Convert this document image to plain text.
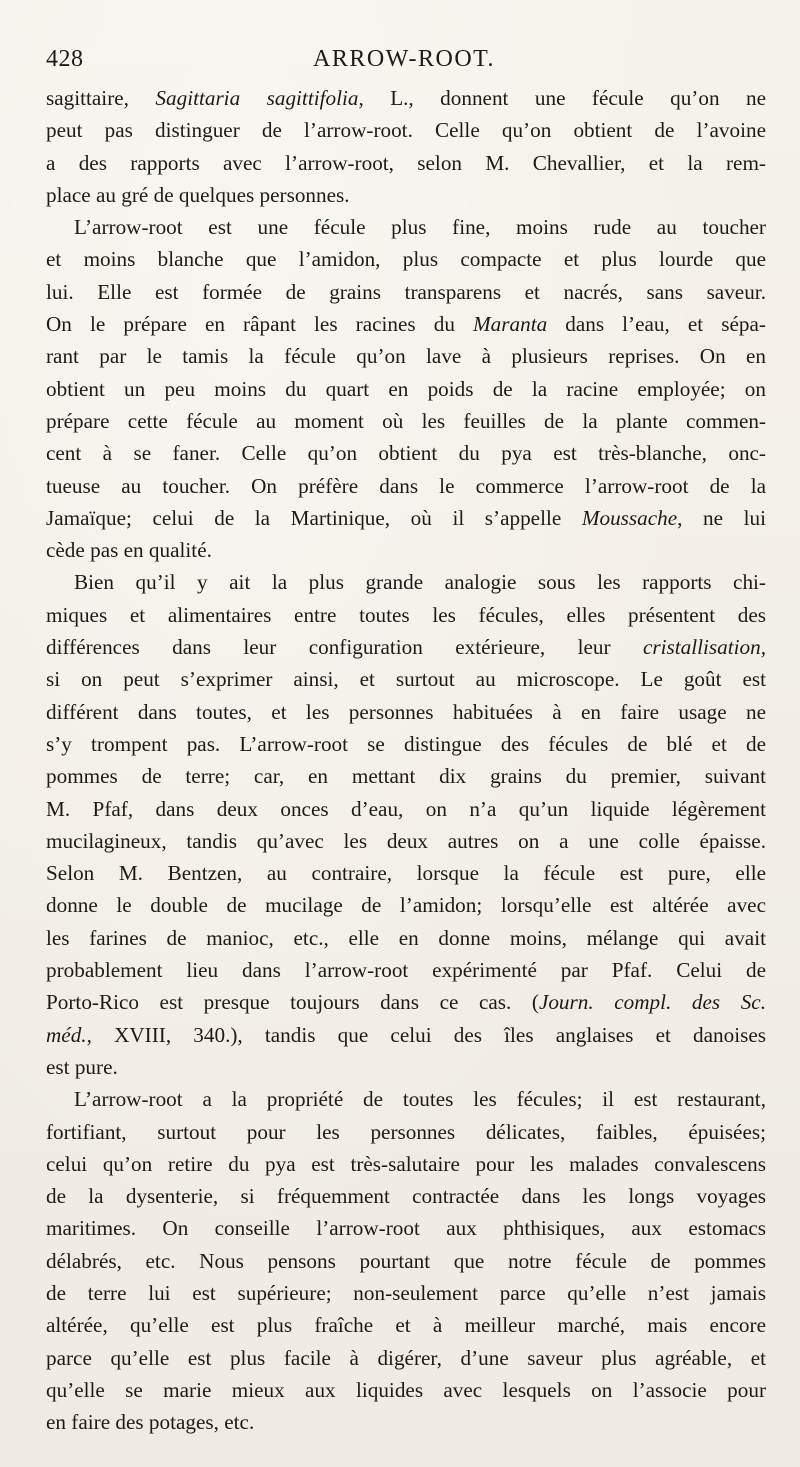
428	ARROW-ROOT.
sagittaire, Sagittaria sagittifolia, L., donnent une fécule qu’on ne
peut pas distinguer de l’arrow-root. Celle qu’on obtient de l’avoine
a des rapports avec l’arrow-root, selon M. Chevallier, et la rem-
place au gré de quelques personnes.
L’arrow-root est une fécule plus fine, moins rude au toucher
et moins blanche que l’amidon, plus compacte et plus lourde que
lui. Elle est formée de grains transparens et nacrés, sans saveur.
On le prépare en râpant les racines du Maranta dans l’eau, et sépa-
rant par le tamis la fécule qu’on lave à plusieurs reprises. On en
obtient un peu moins du quart en poids de la racine employée; on
prépare cette fécule au moment où les feuilles de la plante commen-
cent à se faner. Celle qu’on obtient du pya est très-blanche, onc-
tueuse au toucher. On préfère dans le commerce l’arrow-root de la
Jamaïque; celui de la Martinique, où il s’appelle Moussache, ne lui
cède pas en qualité.
Bien qu’il y ait la plus grande analogie sous les rapports chi-
miques et alimentaires entre toutes les fécules, elles présentent des
différences dans leur configuration extérieure, leur cristallisation,
si on peut s’exprimer ainsi, et surtout au microscope. Le goût est
différent dans toutes, et les personnes habituées à en faire usage ne
s’y trompent pas. L’arrow-root se distingue des fécules de blé et de
pommes de terre; car, en mettant dix grains du premier, suivant
M. Pfaf, dans deux onces d’eau, on n’a qu’un liquide légèrement
mucilagineux, tandis qu’avec les deux autres on a une colle épaisse.
Selon M. Bentzen, au contraire, lorsque la fécule est pure, elle
donne le double de mucilage de l’amidon; lorsqu’elle est altérée avec
les farines de manioc, etc., elle en donne moins, mélange qui avait
probablement lieu dans l’arrow-root expérimenté par Pfaf. Celui de
Porto-Rico est presque toujours dans ce cas. (Journ. compl. des Sc.
méd., XVIII, 340.), tandis que celui des îles anglaises et danoises
est pure.
L’arrow-root a la propriété de toutes les fécules; il est restaurant,
fortifiant, surtout pour les personnes délicates, faibles, épuisées;
celui qu’on retire du pya est très-salutaire pour les malades convalescens
de la dysenterie, si fréquemment contractée dans les longs voyages
maritimes. On conseille l’arrow-root aux phthisiques, aux estomacs
délabrés, etc. Nous pensons pourtant que notre fécule de pommes
de terre lui est supérieure; non-seulement parce qu’elle n’est jamais
altérée, qu’elle est plus fraîche et à meilleur marché, mais encore
parce qu’elle est plus facile à digérer, d’une saveur plus agréable, et
qu’elle se marie mieux aux liquides avec lesquels on l’associe pour
en faire des potages, etc.
